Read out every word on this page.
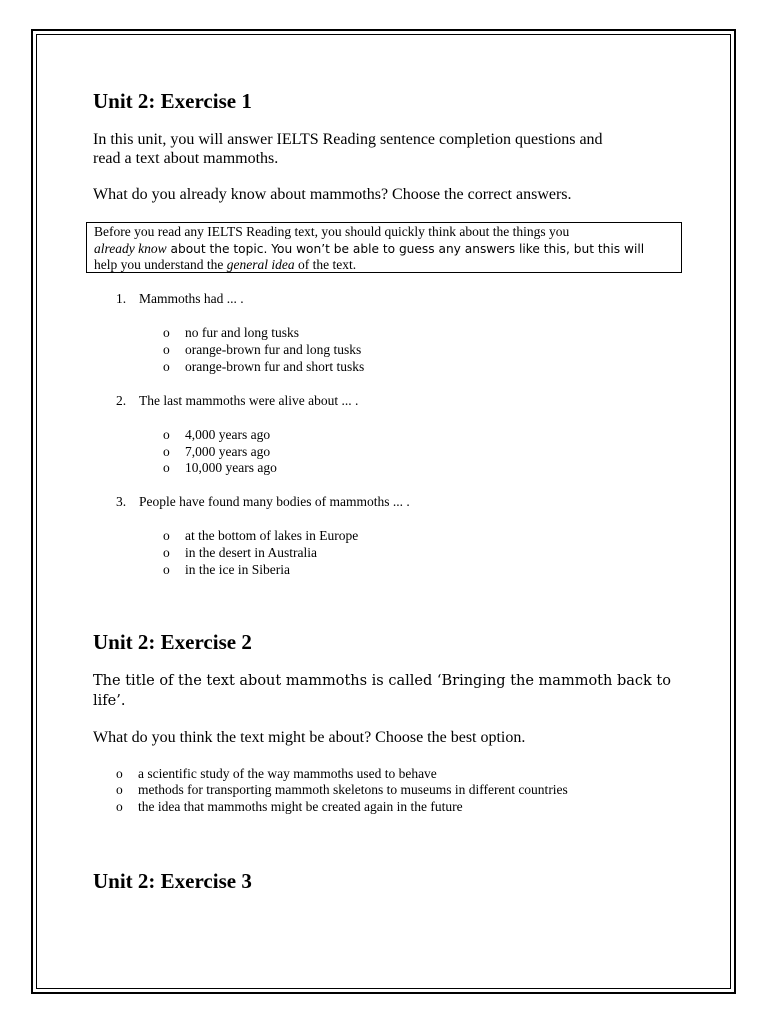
Unit 2: Exercise 1

In this unit, you will answer IELTS Reading sentence completion questions and

read a text about mammoths.

What do you already know about mammoths? Choose the correct answers.

Before you read any IELTS Reading text, you should quickly think about the things you
already know about the topic. You won’t be able to guess any answers like this, but this will
help you understand the general idea of the text.
1. Mammoths had ... .
o no fur and long tusks
o orange-brown fur and long tusks
o orange-brown fur and short tusks
2. The last mammoths were alive about ... .
o 4,000 years ago
o 7,000 years ago
o 10,000 years ago
3. People have found many bodies of mammoths ... .
o at the bottom of lakes in Europe
o in the desert in Australia
o in the ice in Siberia
Unit 2: Exercise 2

The title of the text about mammoths is called ‘Bringing the mammoth back to

life’.

What do you think the text might be about? Choose the best option.

o a scientific study of the way mammoths used to behave
o methods for transporting mammoth skeletons to museums in different countries
o the idea that mammoths might be created again in the future
Unit 2: Exercise 3
